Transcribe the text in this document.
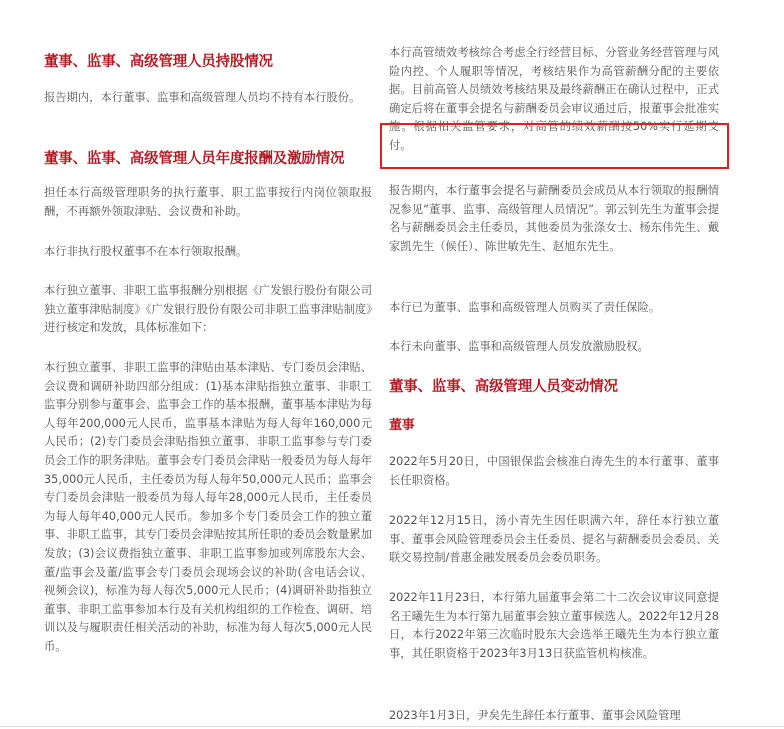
董事、监事、高级管理人员持股情况

报告期内，本行董事、监事和高级管理人员均不持有本行股份。

董事、监事、高级管理人员年度报酬及激励情况

担任本行高级管理职务的执行董事、职工监事按行内岗位领取报酬，不再额外领取津贴、会议费和补助。

本行非执行股权董事不在本行领取报酬。

本行独立董事、非职工监事报酬分别根据《广发银行股份有限公司独立董事津贴制度》《广发银行股份有限公司非职工监事津贴制度》进行核定和发放，具体标准如下：

本行独立董事、非职工监事的津贴由基本津贴、专门委员会津贴、会议费和调研补助四部分组成：(1)基本津贴指独立董事、非职工监事分别参与董事会、监事会工作的基本报酬，董事基本津贴为每人每年200,000元人民币，监事基本津贴为每人每年160,000元人民币；(2)专门委员会津贴指独立董事、非职工监事参与专门委员会工作的职务津贴。董事会专门委员会津贴一般委员为每人每年35,000元人民币，主任委员为每人每年50,000元人民币；监事会专门委员会津贴一般委员为每人每年28,000元人民币，主任委员为每人每年40,000元人民币。参加多个专门委员会工作的独立董事、非职工监事，其专门委员会津贴按其所任职的委员会数量累加发放；(3)会议费指独立董事、非职工监事参加或列席股东大会、董/监事会及董/监事会专门委员会现场会议的补助(含电话会议、视频会议)，标准为每人每次5,000元人民币；(4)调研补助指独立董事、非职工监事参加本行及有关机构组织的工作检查、调研、培训以及与履职责任相关活动的补助，标准为每人每次5,000元人民币。

本行高管绩效考核综合考虑全行经营目标、分管业务经营管理与风险内控、个人履职等情况，考核结果作为高管薪酬分配的主要依据。目前高管人员绩效考核结果及最终薪酬正在确认过程中，正式确定后将在董事会提名与薪酬委员会审议通过后，报董事会批准实施。根据相关监管要求，对高管的绩效薪酬按50%实行延期支付。

报告期内，本行董事会提名与薪酬委员会成员从本行领取的报酬情况参见“董事、监事、高级管理人员情况”。郭云钊先生为董事会提名与薪酬委员会主任委员，其他委员为张涤女士、杨东伟先生、戴家凯先生（候任）、陈世敏先生、赵旭东先生。

本行已为董事、监事和高级管理人员购买了责任保险。

本行未向董事、监事和高级管理人员发放激励股权。

董事、监事、高级管理人员变动情况
董事

2022年5月20日，中国银保监会核准白涛先生的本行董事、董事长任职资格。

2022年12月15日，汤小青先生因任职满六年，辞任本行独立董事、董事会风险管理委员会主任委员、提名与薪酬委员会委员、关联交易控制/普惠金融发展委员会委员职务。

2022年11月23日，本行第九届董事会第二十二次会议审议同意提名王曦先生为本行第九届董事会独立董事候选人。2022年12月28日，本行2022年第三次临时股东大会选举王曦先生为本行独立董事，其任职资格于2023年3月13日获监管机构核准。

2023年1月3日，尹矣先生辞任本行董事、董事会风险管理
